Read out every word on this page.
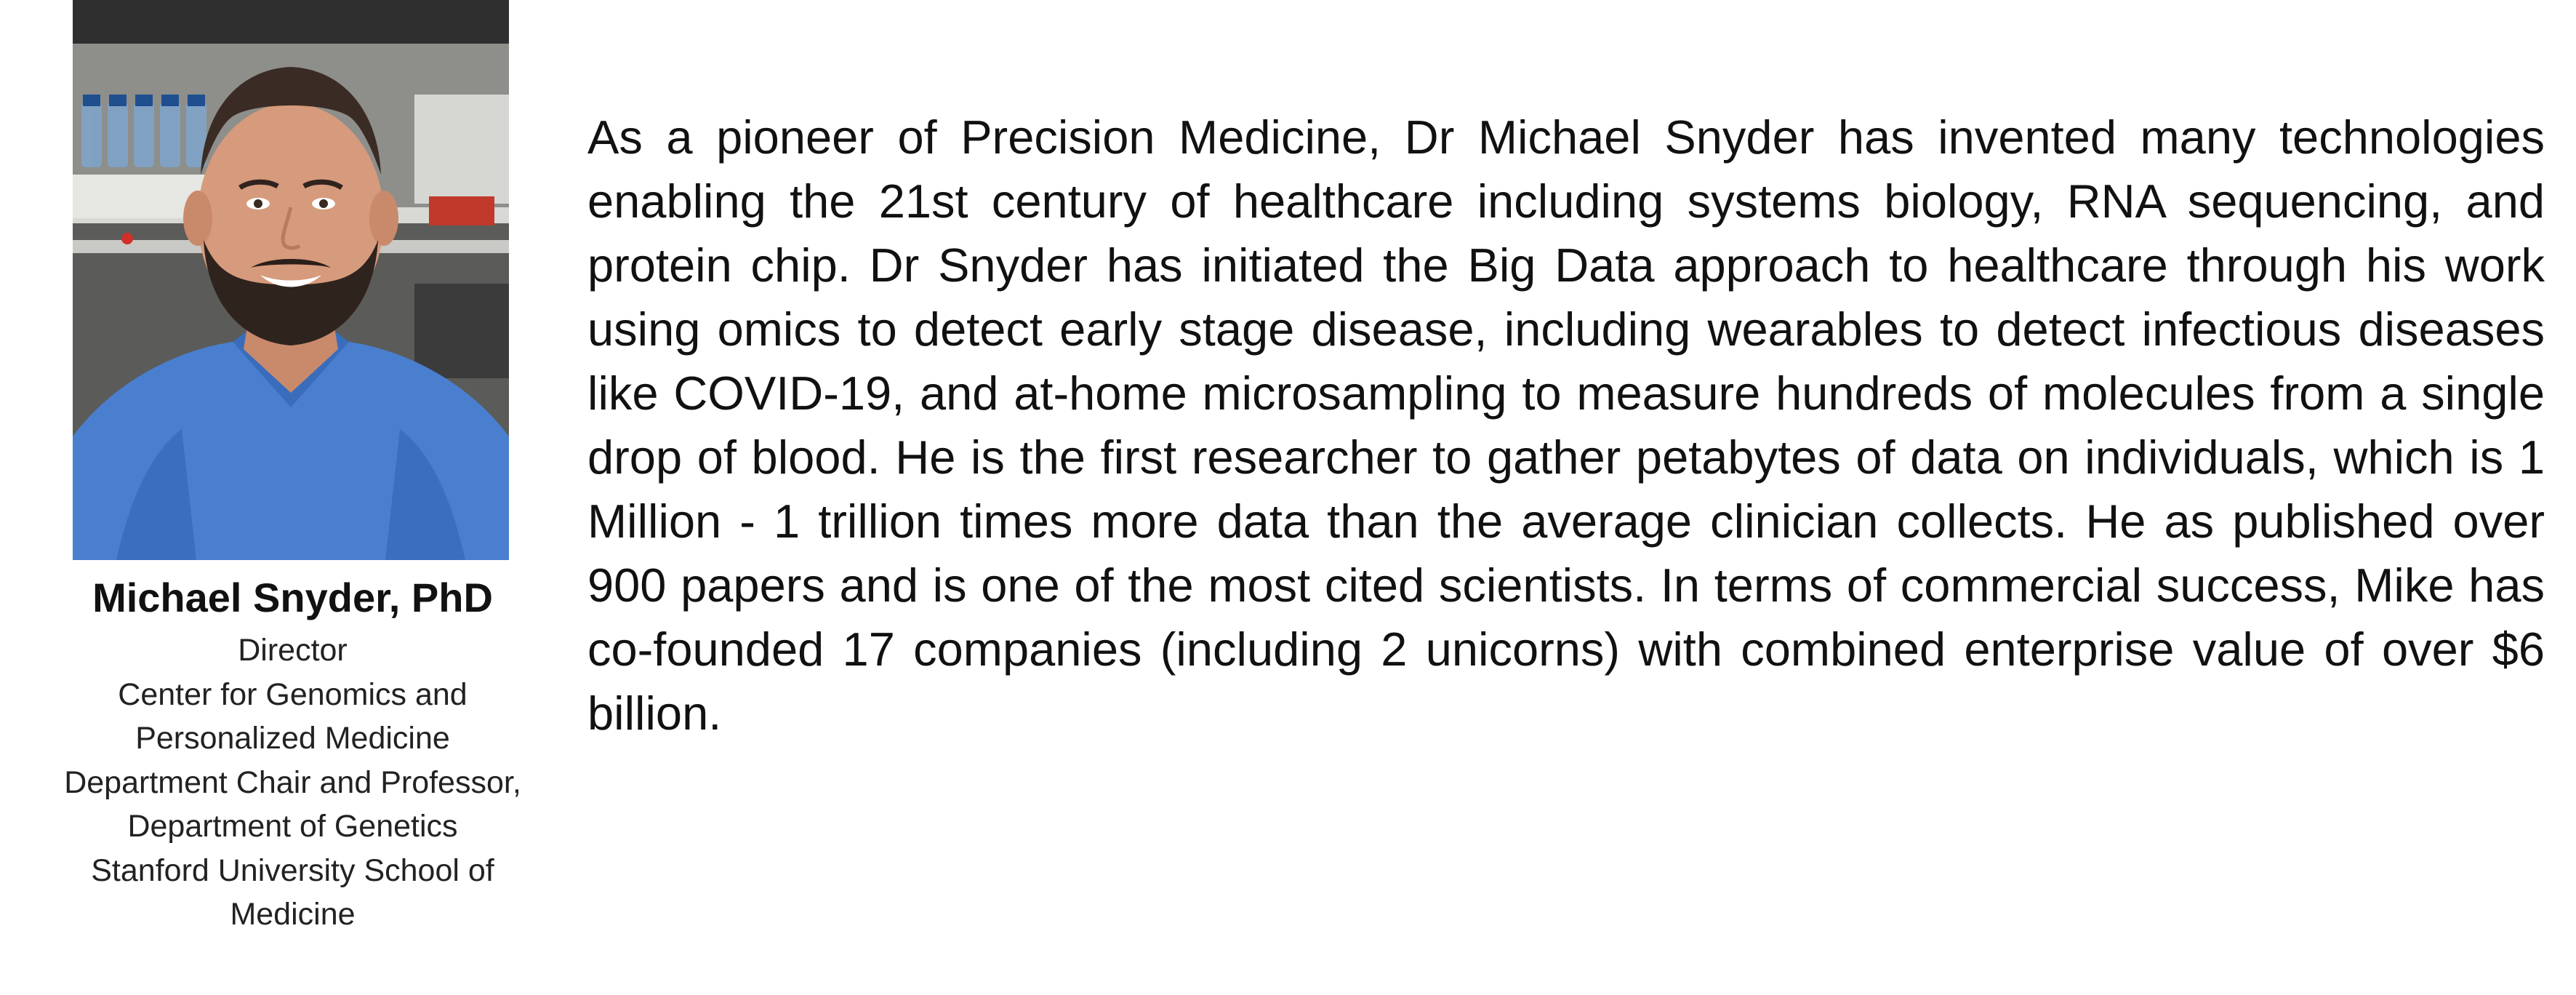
Michael Snyder, PhD
Director
Center for Genomics and
Personalized Medicine
Department Chair and Professor,
Department of Genetics
Stanford University School of
Medicine

As a pioneer of Precision Medicine, Dr Michael Snyder has invented many technologies enabling the 21st century of healthcare including systems biology, RNA sequencing, and protein chip. Dr Snyder has initiated the Big Data approach to healthcare through his work using omics to detect early stage disease, including wearables to detect infectious diseases like COVID-19, and at-home microsampling to measure hundreds of molecules from a single drop of blood. He is the first researcher to gather petabytes of data on individuals, which is 1 Million - 1 trillion times more data than the average clinician collects. He as published over 900 papers and is one of the most cited scientists. In terms of commercial success, Mike has co-founded 17 companies (including 2 unicorns) with combined enterprise value of over $6 billion.
